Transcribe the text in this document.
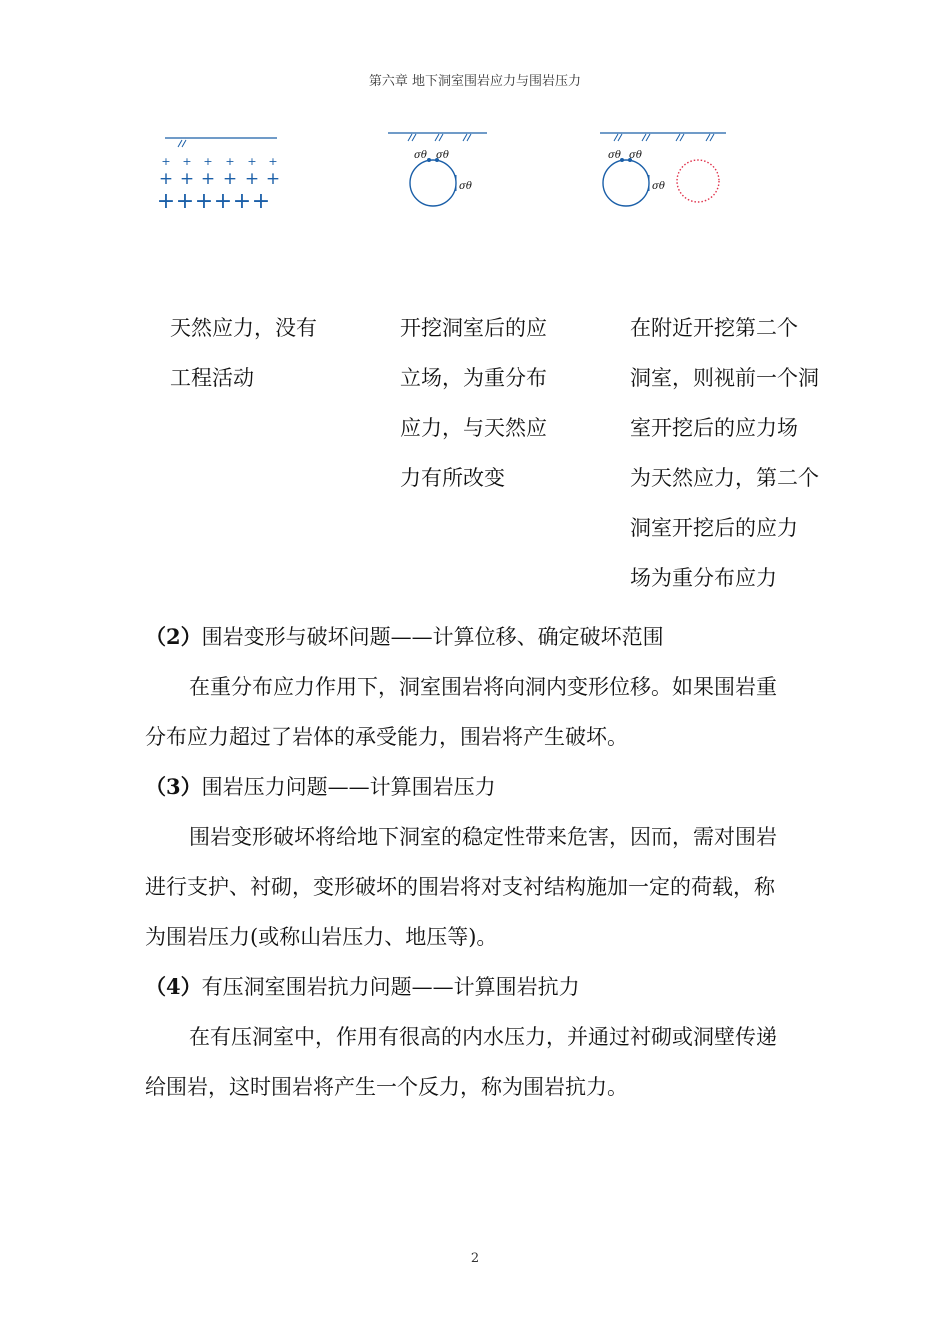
第六章 地下洞室围岩应力与围岩压力
+ + + + + +
+ + + + + +
+ + + + + +
σθ σθ
σθ
σθ σθ
σθ
天然应力，没有
工程活动
开挖洞室后的应
立场，为重分布
应力，与天然应
力有所改变
在附近开挖第二个
洞室，则视前一个洞
室开挖后的应力场
为天然应力，第二个
洞室开挖后的应力
场为重分布应力

（2）围岩变形与破坏问题——计算位移、确定破坏范围

在重分布应力作用下，洞室围岩将向洞内变形位移。如果围岩重

分布应力超过了岩体的承受能力，围岩将产生破坏。

（3）围岩压力问题——计算围岩压力

围岩变形破坏将给地下洞室的稳定性带来危害，因而，需对围岩

进行支护、衬砌，变形破坏的围岩将对支衬结构施加一定的荷载，称

为围岩压力(或称山岩压力、地压等)。

（4）有压洞室围岩抗力问题——计算围岩抗力

在有压洞室中，作用有很高的内水压力，并通过衬砌或洞壁传递

给围岩，这时围岩将产生一个反力，称为围岩抗力。

2
